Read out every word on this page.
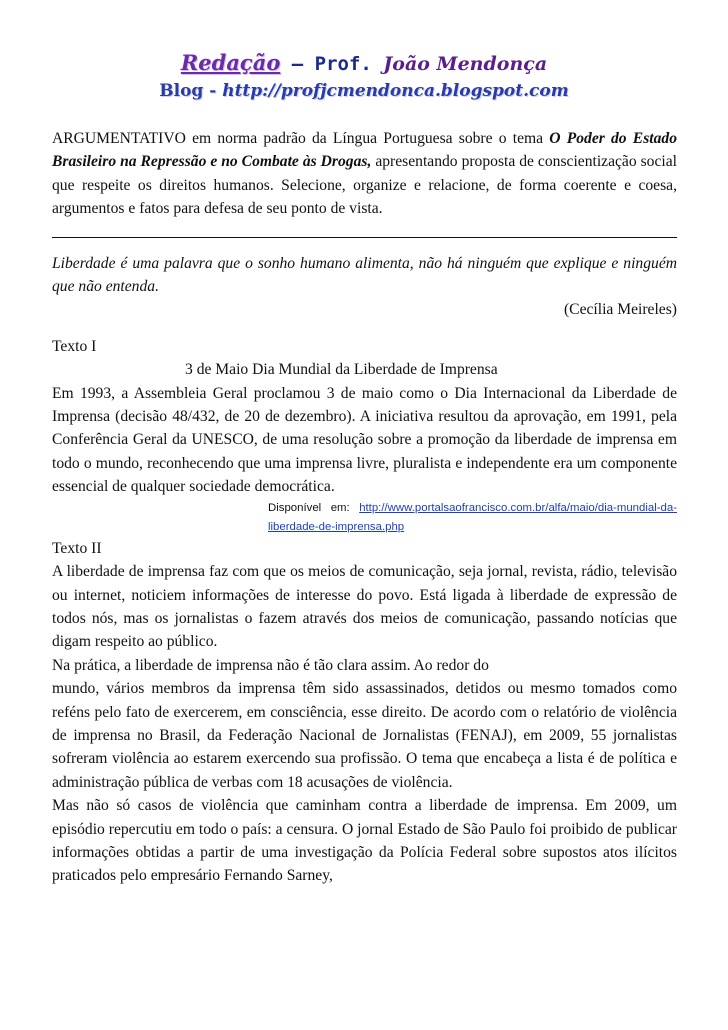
Redação – Prof. João Mendonça
Blog - http://profjcmendonca.blogspot.com

ARGUMENTATIVO em norma padrão da Língua Portuguesa sobre o tema O Poder do Estado Brasileiro na Repressão e no Combate às Drogas, apresentando proposta de conscientização social que respeite os direitos humanos. Selecione, organize e relacione, de forma coerente e coesa, argumentos e fatos para defesa de seu ponto de vista.

Liberdade é uma palavra que o sonho humano alimenta, não há ninguém que explique e ninguém que não entenda.

(Cecília Meireles)

Texto I

3 de Maio Dia Mundial da Liberdade de Imprensa

Em 1993, a Assembleia Geral proclamou 3 de maio como o Dia Internacional da Liberdade de Imprensa (decisão 48/432, de 20 de dezembro). A iniciativa resultou da aprovação, em 1991, pela Conferência Geral da UNESCO, de uma resolução sobre a promoção da liberdade de imprensa em todo o mundo, reconhecendo que uma imprensa livre, pluralista e independente era um componente essencial de qualquer sociedade democrática.

Disponível em: http://www.portalsaofrancisco.com.br/alfa/maio/dia-mundial-da-liberdade-de-imprensa.php

Texto II

A liberdade de imprensa faz com que os meios de comunicação, seja jornal, revista, rádio, televisão ou internet, noticiem informações de interesse do povo. Está ligada à liberdade de expressão de todos nós, mas os jornalistas o fazem através dos meios de comunicação, passando notícias que digam respeito ao público.

Na prática, a liberdade de imprensa não é tão clara assim. Ao redor do

mundo, vários membros da imprensa têm sido assassinados, detidos ou mesmo tomados como reféns pelo fato de exercerem, em consciência, esse direito. De acordo com o relatório de violência de imprensa no Brasil, da Federação Nacional de Jornalistas (FENAJ), em 2009, 55 jornalistas sofreram violência ao estarem exercendo sua profissão. O tema que encabeça a lista é de política e administração pública de verbas com 18 acusações de violência.

Mas não só casos de violência que caminham contra a liberdade de imprensa. Em 2009, um episódio repercutiu em todo o país: a censura. O jornal Estado de São Paulo foi proibido de publicar informações obtidas a partir de uma investigação da Polícia Federal sobre supostos atos ilícitos praticados pelo empresário Fernando Sarney,
